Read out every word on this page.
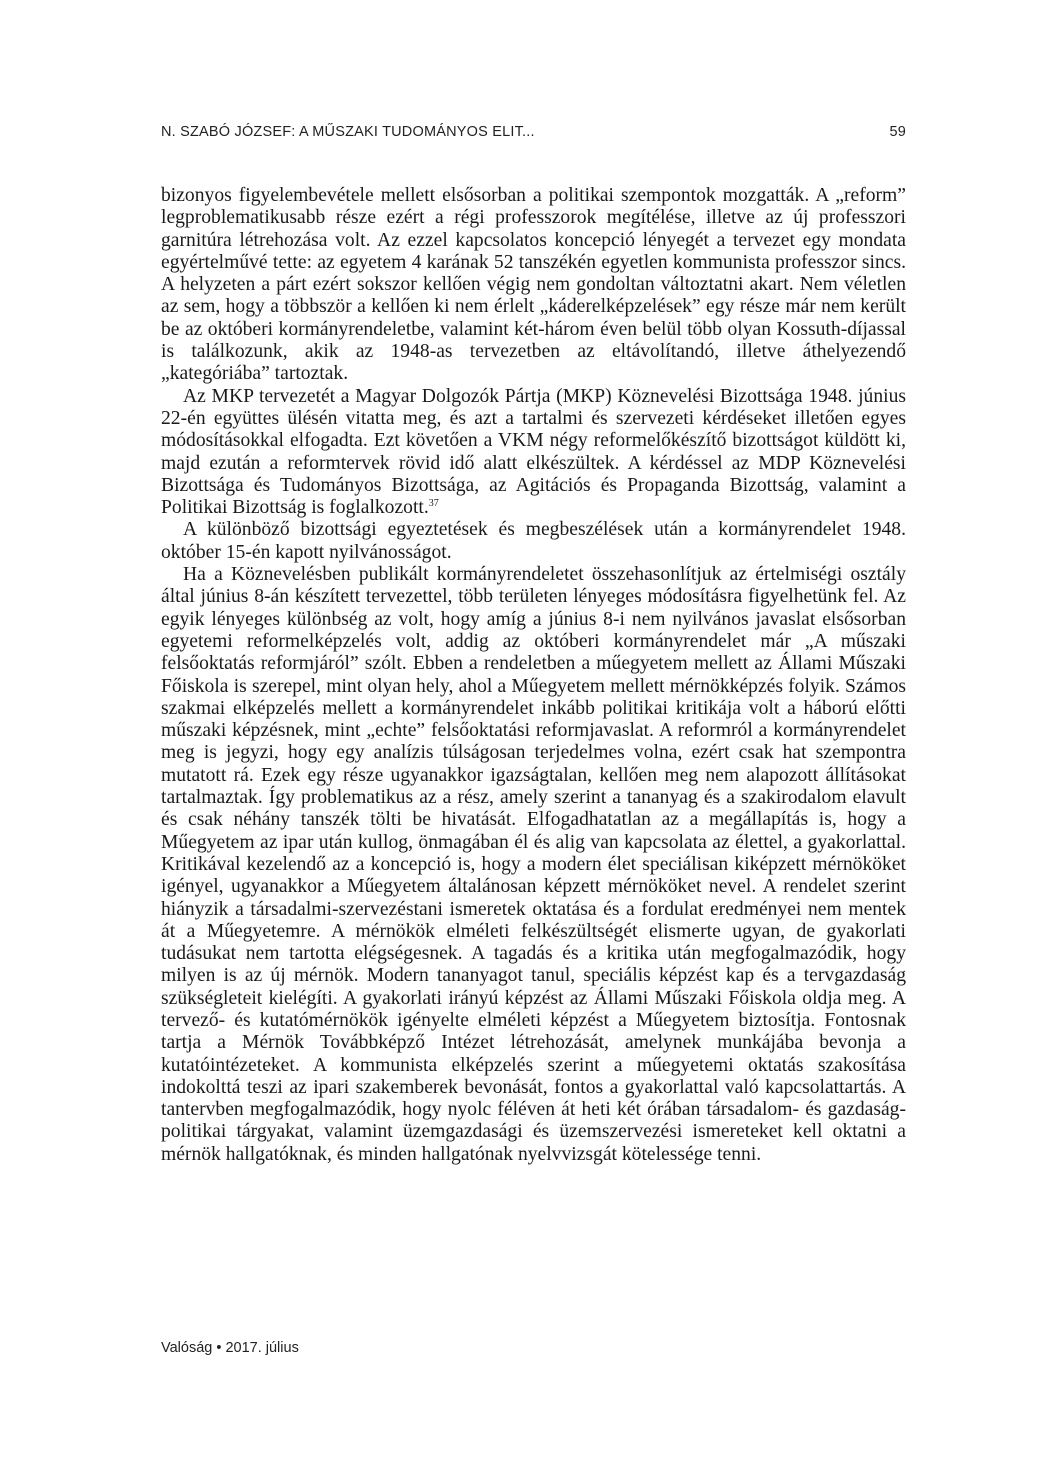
N. SZABÓ JÓZSEF: A MŰSZAKI TUDOMÁNYOS ELIT...	59

bizonyos figyelembevétele mellett elsősorban a politikai szempontok mozgatták. A „reform” legproblematikusabb része ezért a régi professzorok megítélése, illetve az új professzori garnitúra létrehozása volt. Az ezzel kapcsolatos koncepció lényegét a tervezet egy mondata egyértelművé tette: az egyetem 4 karának 52 tanszékén egyetlen kommunista professzor sincs. A helyzeten a párt ezért sokszor kellően végig nem gondoltan változtatni akart. Nem véletlen az sem, hogy a többször a kellően ki nem érlelt „káderelképzelések” egy része már nem került be az októberi kormányrendeletbe, valamint két-három éven belül több olyan Kossuth-díjassal is találkozunk, akik az 1948-as tervezetben az eltávolítandó, illetve áthelyezendő „kategóriába” tartoztak.

Az MKP tervezetét a Magyar Dolgozók Pártja (MKP) Köznevelési Bizottsága 1948. június 22-én együttes ülésén vitatta meg, és azt a tartalmi és szervezeti kérdéseket illetően egyes módosításokkal elfogadta. Ezt követően a VKM négy reformelőkészítő bizottságot küldött ki, majd ezután a reformtervek rövid idő alatt elkészültek. A kérdéssel az MDP Köznevelési Bizottsága és Tudományos Bizottsága, az Agitációs és Propaganda Bizottság, valamint a Politikai Bizottság is foglalkozott.$^{37}$

A különböző bizottsági egyeztetések és megbeszélések után a kormányrendelet 1948. október 15-én kapott nyilvánosságot.

Ha a Köznevelésben publikált kormányrendeletet összehasonlítjuk az értelmiségi osztály által június 8-án készített tervezettel, több területen lényeges módosításra figyelhetünk fel. Az egyik lényeges különbség az volt, hogy amíg a június 8-i nem nyilvános javaslat elsősorban egyetemi reformelképzelés volt, addig az októberi kormányrendelet már „A műszaki felsőoktatás reformjáról” szólt. Ebben a rendeletben a műegyetem mellett az Állami Műszaki Főiskola is szerepel, mint olyan hely, ahol a Műegyetem mellett mérnökképzés folyik. Számos szakmai elképzelés mellett a kormányrendelet inkább politikai kritikája volt a háború előtti műszaki képzésnek, mint „echte” felsőoktatási reformjavaslat. A reformról a kormányrendelet meg is jegyzi, hogy egy analízis túlságosan terjedelmes volna, ezért csak hat szempontra mutatott rá. Ezek egy része ugyanakkor igazságtalan, kellően meg nem alapozott állításokat tartalmaztak. Így problematikus az a rész, amely szerint a tananyag és a szakirodalom elavult és csak néhány tanszék tölti be hivatását. Elfogadhatatlan az a megállapítás is, hogy a Műegyetem az ipar után kullog, önmagában él és alig van kapcsolata az élettel, a gyakorlattal. Kritikával kezelendő az a koncepció is, hogy a modern élet speciálisan kiképzett mérnököket igényel, ugyanakkor a Műegyetem általánosan képzett mérnököket nevel. A rendelet szerint hiányzik a társadalmi-szervezéstani ismeretek oktatása és a fordulat eredményei nem mentek át a Műegyetemre. A mérnökök elméleti felkészültségét elismerte ugyan, de gyakorlati tudásukat nem tartotta elégségesnek. A tagadás és a kritika után megfogalmazódik, hogy milyen is az új mérnök. Modern tananyagot tanul, speciális képzést kap és a tervgazdaság szükségleteit kielégíti. A gyakorlati irányú képzést az Állami Műszaki Főiskola oldja meg. A tervező- és kutatómérnökök igényelte elméleti képzést a Műegyetem biztosítja. Fontosnak tartja a Mérnök Továbbképző Intézet létrehozását, amelynek munkájába bevonja a kutatóintézeteket. A kommunista elképzelés szerint a műegyetemi oktatás szakosítása indokolttá teszi az ipari szakemberek bevonását, fontos a gyakorlattal való kapcsolattartás. A tantervben megfogalmazódik, hogy nyolc féléven át heti két órában társadalom- és gazdaságpolitikai tárgyakat, valamint üzemgazdasági és üzemszervezési ismereteket kell oktatni a mérnök hallgatóknak, és minden hallgatónak nyelvvizsgát kötelessége tenni.

Valóság • 2017. július
